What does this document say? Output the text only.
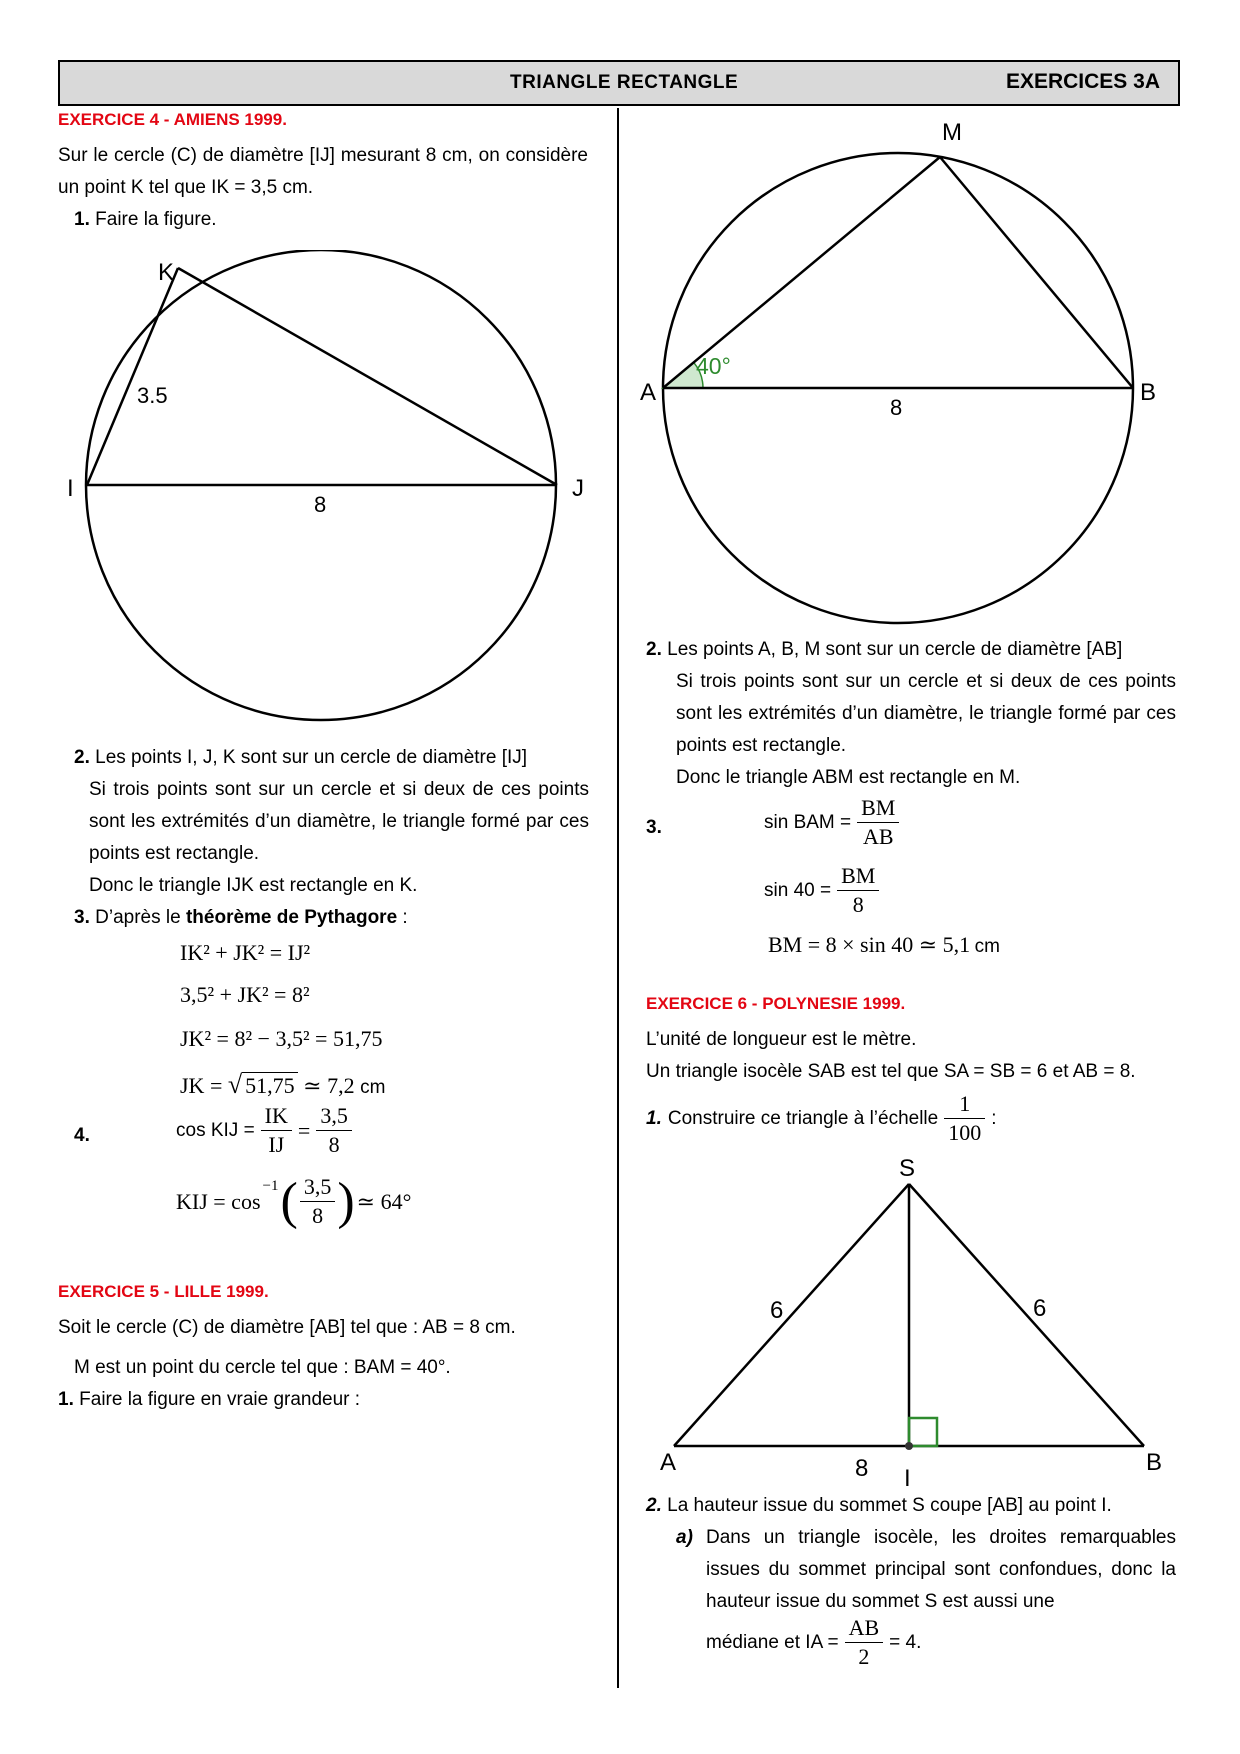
TRIANGLE RECTANGLE	EXERCICES 3A
EXERCICE 4 - AMIENS 1999.
Sur le cercle (C) de diamètre [IJ] mesurant 8 cm, on considère un point K tel que IK = 3,5 cm.
1. Faire la figure.
K
I	J
3.5
8
2. Les points I, J, K sont sur un cercle de diamètre [IJ]
Si trois points sont sur un cercle et si deux de ces points sont les extrémités d’un diamètre, le triangle formé par ces points est rectangle.
Donc le triangle IJK est rectangle en K.
3. D’après le théorème de Pythagore :
IK² + JK² = IJ²
3,5² + JK² = 8²
JK² = 8² − 3,5² = 51,75
JK = √ 51,75 ≃ 7,2 cm
4.	cos KIJ = $\frac{IK}{IJ} = \frac{3,5}{8}$
KIJ = cos
−1 ( $\frac{3,5}{8}$ ) ≃ 64°
EXERCICE 5 - LILLE 1999.
Soit le cercle (C) de diamètre [AB] tel que : AB = 8 cm.
M est un point du cercle tel que : BAM = 40°.
1. Faire la figure en vraie grandeur :
M
A	B
40°
8
2. Les points A, B, M sont sur un cercle de diamètre [AB]
Si trois points sont sur un cercle et si deux de ces points sont les extrémités d’un diamètre, le triangle formé par ces points est rectangle.
Donc le triangle ABM est rectangle en M.
3.	sin BAM = $\frac{BM}{AB}$
$\sin 40 = \frac{BM}{8}$
BM = 8 × sin 40 ≃ 5,1 cm
EXERCICE 6 - POLYNESIE 1999.
L’unité de longueur est le mètre.
Un triangle isocèle SAB est tel que SA = SB = 6 et AB = 8.
1. Construire ce triangle à l’échelle $\frac{1}{100}$ :
S
A	B
I
6	6
8
2. La hauteur issue du sommet S coupe [AB] au point I.
a) Dans un triangle isocèle, les droites remarquables issues du sommet principal sont confondues, donc la hauteur issue du sommet S est aussi une
médiane et IA = $\frac{AB}{2} = 4$.
